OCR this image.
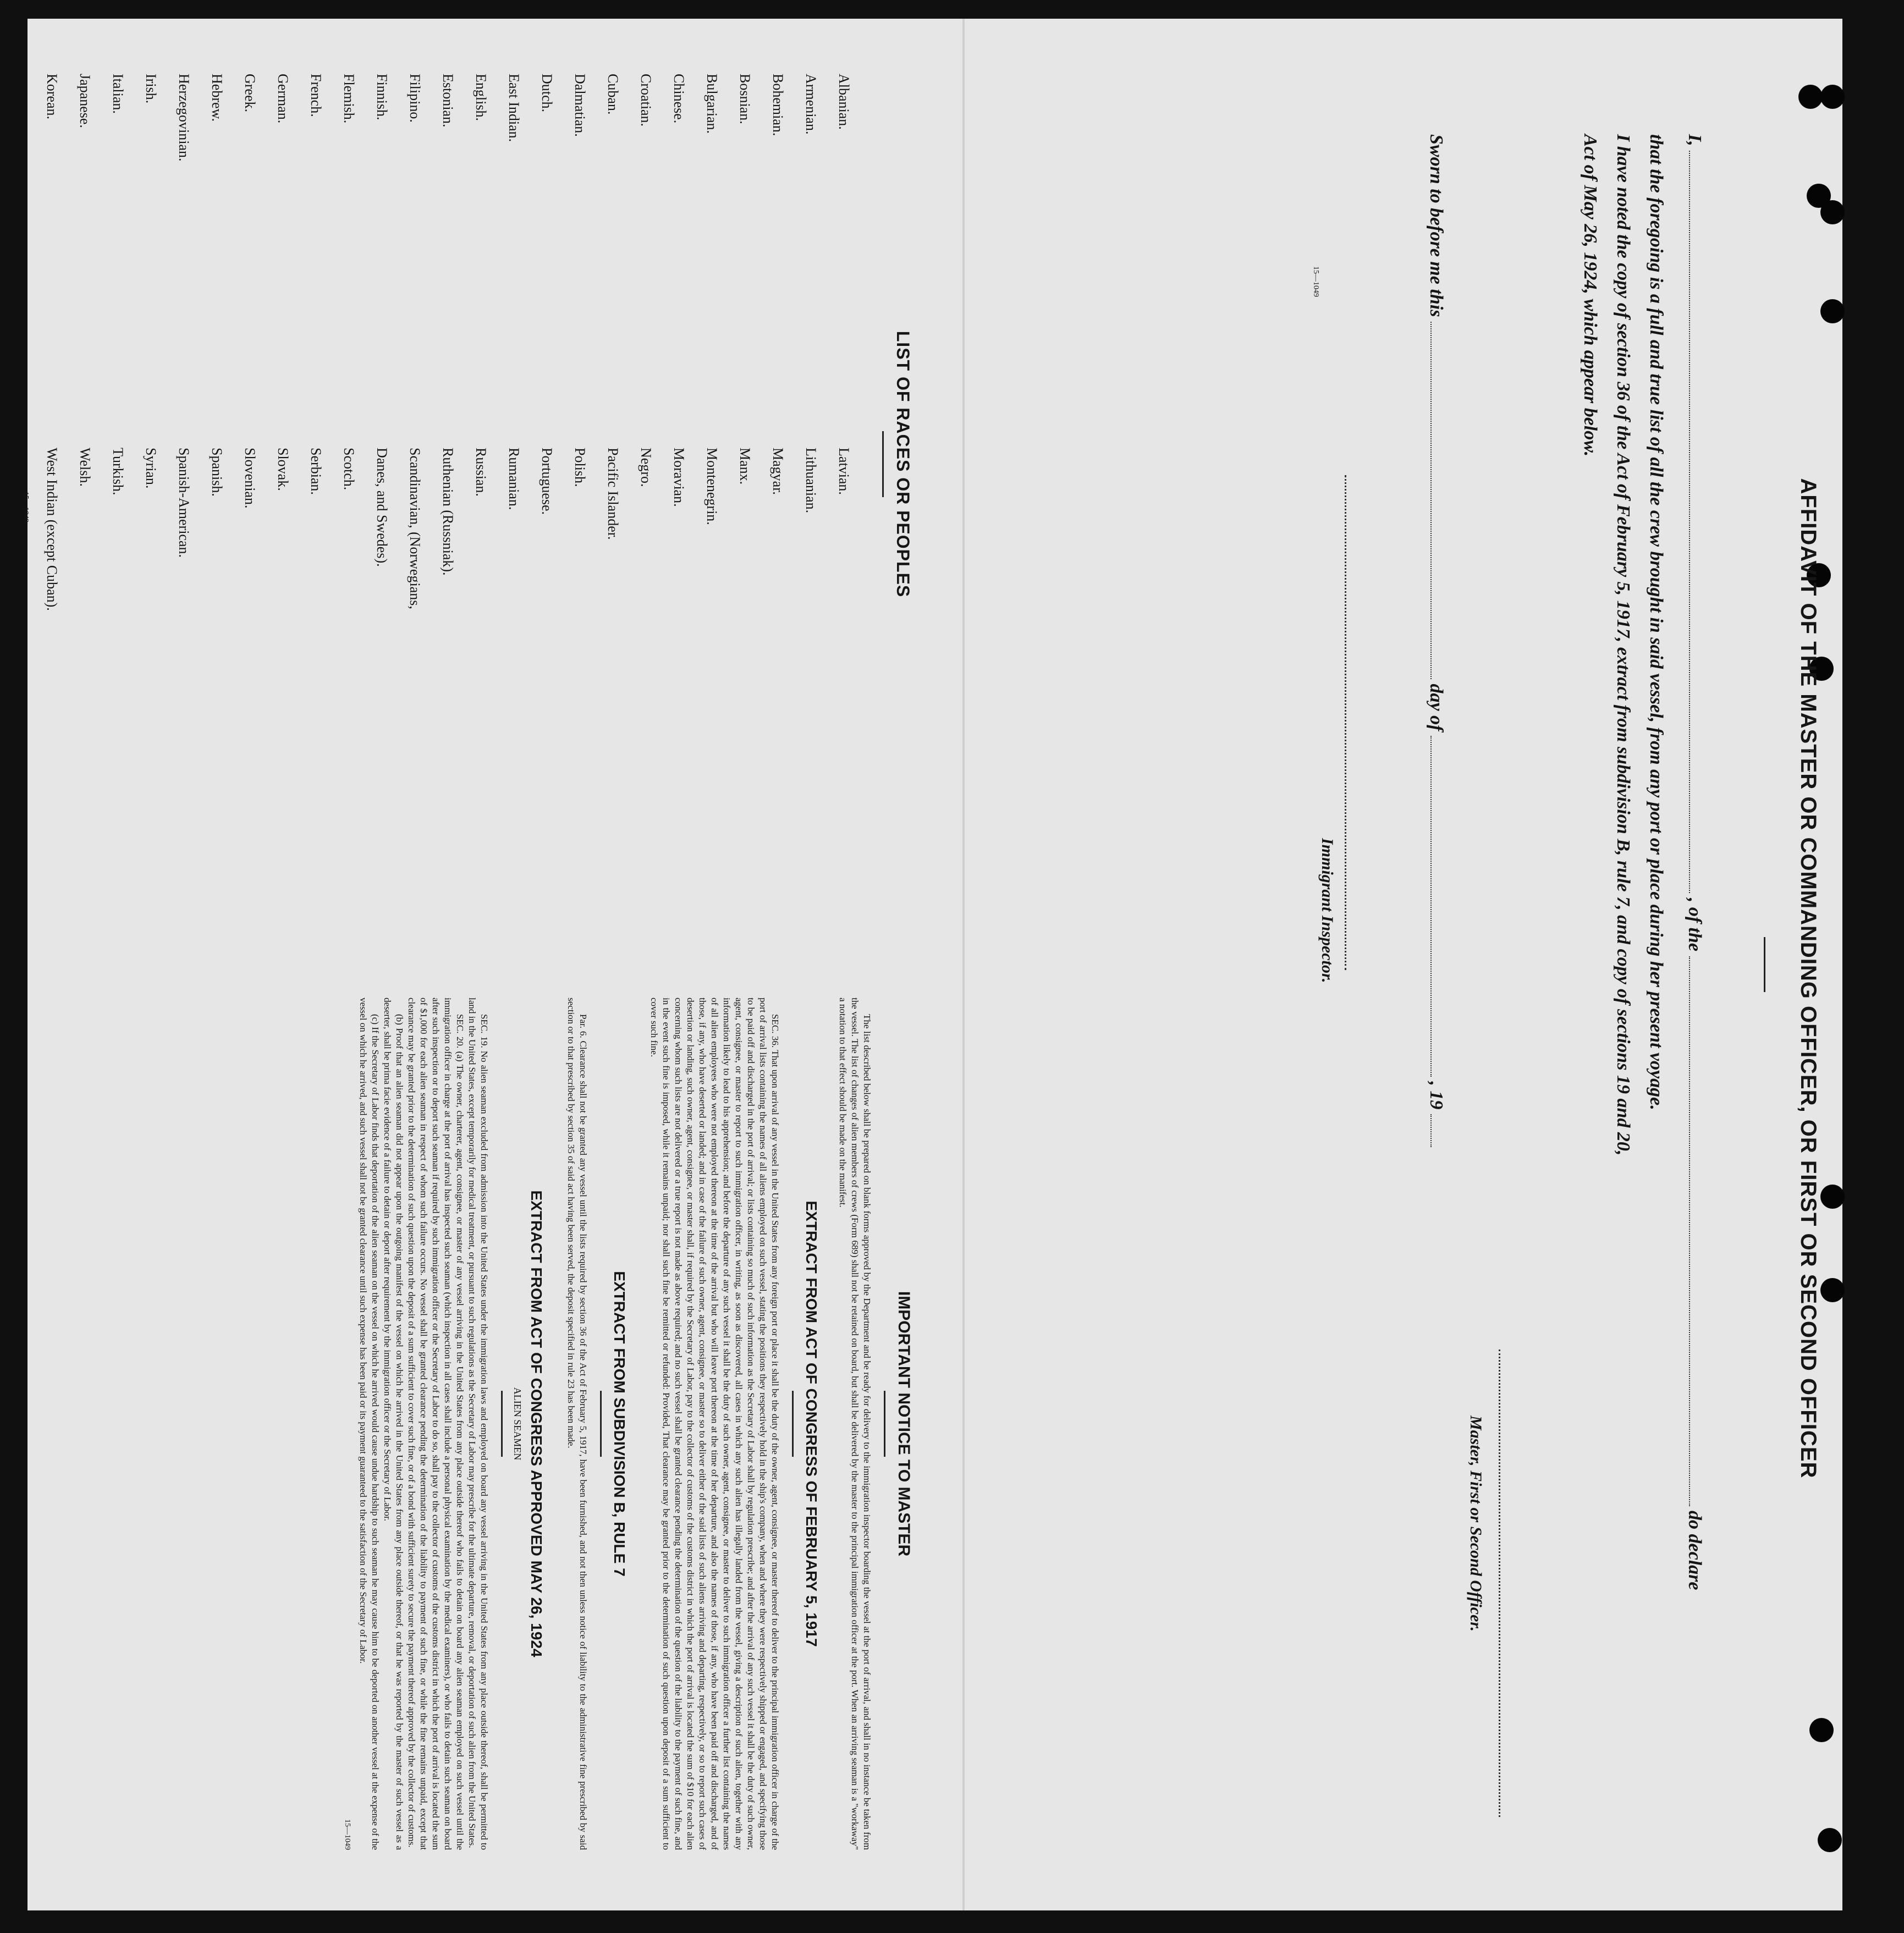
AFFIDAVIT OF THE MASTER OR COMMANDING OFFICER, OR FIRST OR SECOND OFFICER
I,  , of the  do declare
that the foregoing is a full and true list of all the crew brought in said vessel, from any port or place during her present voyage.
I have noted the copy of section 36 of the Act of February 5, 1917, extract from subdivision B, rule 7, and copy of sections 19 and 20,
Act of May 26, 1924, which appear below.
Master, First or Second Officer.
Sworn to before me this  day of  , 19
Immigrant Inspector.
15—1049
IMPORTANT NOTICE TO MASTER

The list described below shall be prepared on blank forms approved by the Department and be ready for delivery to the immigration inspector boarding the vessel at the port of arrival, and shall in no instance be taken from the vessel. The list of changes of alien members of crews (Form 689) shall not be retained on board, but shall be delivered by the master to the principal immigration officer at the port. When an arriving seaman is a "workaway" a notation to that effect should be made on the manifest.

EXTRACT FROM ACT OF CONGRESS OF FEBRUARY 5, 1917

SEC. 36. That upon arrival of any vessel in the United States from any foreign port or place it shall be the duty of the owner, agent, consignee, or master thereof to deliver to the principal immigration officer in charge of the port of arrival lists containing the names of all aliens employed on such vessel, stating the positions they respectively hold in the ship's company, when and where they were respectively shipped or engaged, and specifying those to be paid off and discharged in the port of arrival; or lists containing so much of such information as the Secretary of Labor shall by regulation prescribe; and after the arrival of any such vessel it shall be the duty of such owner, agent, consignee, or master to report to such immigration officer, in writing, as soon as discovered, all cases in which any such alien has illegally landed from the vessel, giving a description of such alien, together with any information likely to lead to his apprehension; and before the departure of any such vessel it shall be the duty of such owner, agent, consignee, or master to deliver to such immigration officer a further list containing the names of all alien employees who were not employed thereon at the time of the arrival but who will leave port thereon at the time of her departure, and also the names of those, if any, who have been paid off and discharged, and of those, if any, who have deserted or landed; and in case of the failure of such owner, agent, consignee, or master so to deliver either of the said lists of such aliens arriving and departing, respectively, or so to report such cases of desertion or landing, such owner, agent, consignee, or master shall, if required by the Secretary of Labor, pay to the collector of customs of the customs district in which the port of arrival is located the sum of $10 for each alien concerning whom such lists are not delivered or a true report is not made as above required; and no such vessel shall be granted clearance pending the determination of the question of the liability to the payment of such fine, and in the event such fine is imposed, while it remains unpaid; nor shall such fine be remitted or refunded: Provided, That clearance may be granted prior to the determination of such question upon deposit of a sum sufficient to cover such fine.

EXTRACT FROM SUBDIVISION B, RULE 7

Par. 6. Clearance shall not be granted any vessel until the lists required by section 36 of the Act of February 5, 1917, have been furnished, and not then unless notice of liability to the administrative fine prescribed by said section or to that prescribed by section 35 of said act having been served, the deposit specified in rule 23 has been made.

EXTRACT FROM ACT OF CONGRESS APPROVED MAY 26, 1924
ALIEN SEAMEN

SEC. 19. No alien seaman excluded from admission into the United States under the immigration laws and employed on board any vessel arriving in the United States from any place outside thereof, shall be permitted to land in the United States, except temporarily for medical treatment, or pursuant to such regulations as the Secretary of Labor may prescribe for the ultimate departure, removal, or deportation of such alien from the United States.

SEC. 20. (a) The owner, charterer, agent, consignee, or master of any vessel arriving in the United States from any place outside thereof who fails to detain on board any alien seaman employed on such vessel until the immigration officer in charge at the port of arrival has inspected such seaman (which inspection in all cases shall include a personal physical examination by the medical examiners), or who fails to detain such seaman on board after such inspection or to deport such seaman if required by such immigration officer or the Secretary of Labor to do so, shall pay to the collector of customs of the customs district in which the port of arrival is located the sum of $1,000 for each alien seaman in respect of whom such failure occurs. No vessel shall be granted clearance pending the determination of the liability to payment of such fine, or while the fine remains unpaid, except that clearance may be granted prior to the determination of such question upon the deposit of a sum sufficient to cover such fine, or of a bond with sufficient surety to secure the payment thereof approved by the collector of customs.

(b) Proof that an alien seaman did not appear upon the outgoing manifest of the vessel on which he arrived in the United States from any place outside thereof, or that he was reported by the master of such vessel as a deserter, shall be prima facie evidence of a failure to detain or deport after requirement by the immigration officer or the Secretary of Labor.

(c) If the Secretary of Labor finds that deportation of the alien seaman on the vessel on which he arrived would cause undue hardship to such seaman he may cause him to be deported on another vessel at the expense of the vessel on which he arrived, and such vessel shall not be granted clearance until such expense has been paid or its payment guaranteed to the satisfaction of the Secretary of Labor.

15—1049
LIST OF RACES OR PEOPLES
Albanian.
Armenian.
Bohemian.
Bosnian.
Bulgarian.
Chinese.
Croatian.
Cuban.
Dalmatian.
Dutch.
East Indian.
English.
Estonian.
Filipino.
Finnish.
Flemish.
French.
German.
Greek.
Hebrew.
Herzegovinian.
Irish.
Italian.
Japanese.
Korean.
Latvian.
Lithuanian.
Magyar.
Manx.
Montenegrin.
Moravian.
Negro.
Pacific Islander.
Polish.
Portuguese.
Rumanian.
Russian.
Ruthenian (Russniak).
Scandinavian, (Norwegians,
Danes, and Swedes).
Scotch.
Serbian.
Slovak.
Slovenian.
Spanish.
Spanish-American.
Syrian.
Turkish.
Welsh.
West Indian (except Cuban).
15—1049
